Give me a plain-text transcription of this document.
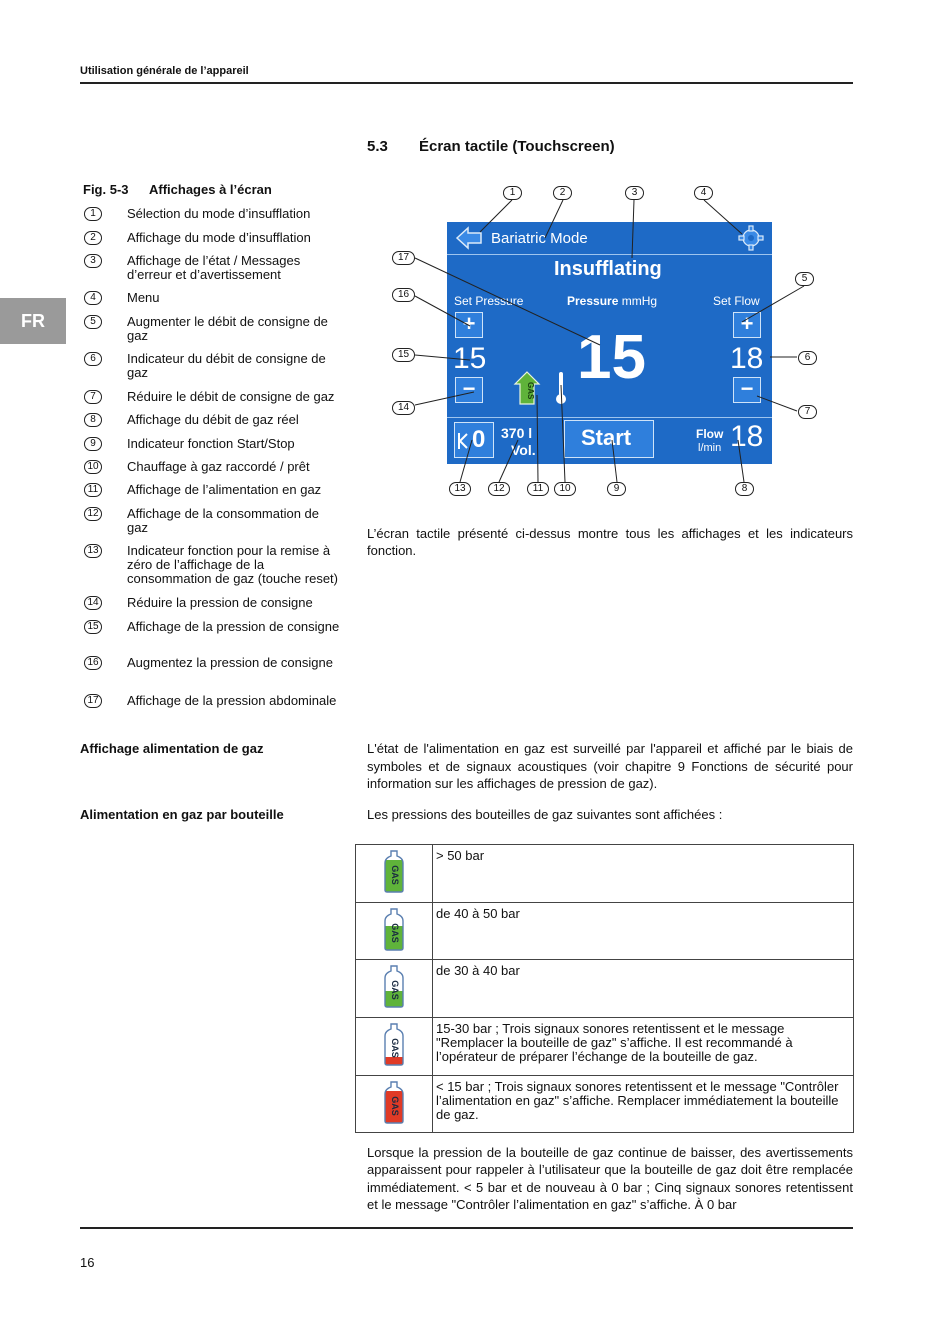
Utilisation générale de l’appareil
FR
5.3 Écran tactile (Touchscreen)
Fig. 5-3 Affichages à l’écran
1	Sélection du mode d’insufflation
2	Affichage du mode d’insufflation
3	Affichage de l’état / Messages d’erreur et d’avertissement
4	Menu
5	Augmenter le débit de consigne de gaz
6	Indicateur du débit de consigne de gaz
7	Réduire le débit de consigne de gaz
8	Affichage du débit de gaz réel
9	Indicateur fonction Start/Stop
10 Chauffage à gaz raccordé / prêt
11 Affichage de l’alimentation en gaz
12 Affichage de la consommation de gaz
13 Indicateur fonction pour la remise à zéro de l’affichage de la consommation de gaz (touche reset)
14 Réduire la pression de consigne
15 Affichage de la pression de consigne
16 Augmentez la pression de consigne
17 Affichage de la pression abdominale
Bariatric Mode
Insufflating
Set Pressure	Pressure mmHg	Set Flow
+	+
15 15	18
−	−
GAS
0 370 l
Vol. Start	Flow
l/min 18
1	2	3	4
5
6
7
8
9
10
11
12
13
14
15
16
17
L’écran tactile présenté ci-dessus montre tous les affichages et les indicateurs fonction.
Affichage alimentation de gaz	L'état de l'alimentation en gaz est surveillé par l'appareil et affiché par le biais de symboles et de signaux acoustiques (voir chapitre 9 Fonctions de sécurité pour information sur les affichages de pression de gaz).
Alimentation en gaz par bouteille	Les pressions des bouteilles de gaz suivantes sont affichées :
GAS	> 50 bar

GAS	de 40 à 50 bar

GAS	de 30 à 40 bar

GAS	15-30 bar ; Trois signaux sonores retentissent et le message "Remplacer la bouteille de gaz" s’affiche. Il est recommandé à l’opérateur de préparer l’échange de la bouteille de gaz.

GAS	< 15 bar ; Trois signaux sonores retentissent et le message "Contrôler l’alimentation en gaz" s’affiche. Remplacer immédiatement la bouteille de gaz.
Lorsque la pression de la bouteille de gaz continue de baisser, des avertissements apparaissent pour rappeler à l’utilisateur que la bouteille de gaz doit être remplacée immédiatement. < 5 bar et de nouveau à 0 bar ; Cinq signaux sonores retentissent et le message "Contrôler l’alimentation en gaz" s’affiche. À 0 bar
16
